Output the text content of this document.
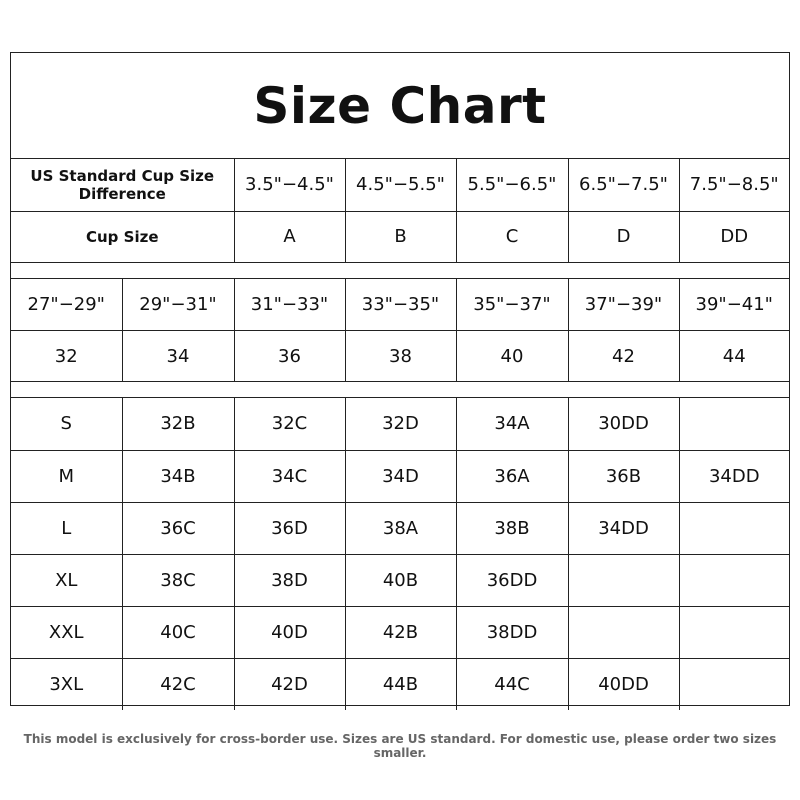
Size Chart
US Standard Cup Size
Difference	3.5"−4.5"	4.5"−5.5"	5.5"−6.5"	6.5"−7.5"	7.5"−8.5"
Cup Size	A	B	C	D	DD

27"−29"	29"−31"	31"−33"	33"−35"	35"−37"	37"−39"	39"−41"
32	34	36	38	40	42	44

S	32B	32C	32D	34A	30DD	
M	34B	34C	34D	36A	36B	34DD
L	36C	36D	38A	38B	34DD	
XL	38C	38D	40B	36DD		
XXL	40C	40D	42B	38DD		
3XL	42C	42D	44B	44C	40DD	
This model is exclusively for cross-border use. Sizes are US standard. For domestic use, please order two sizes smaller.
